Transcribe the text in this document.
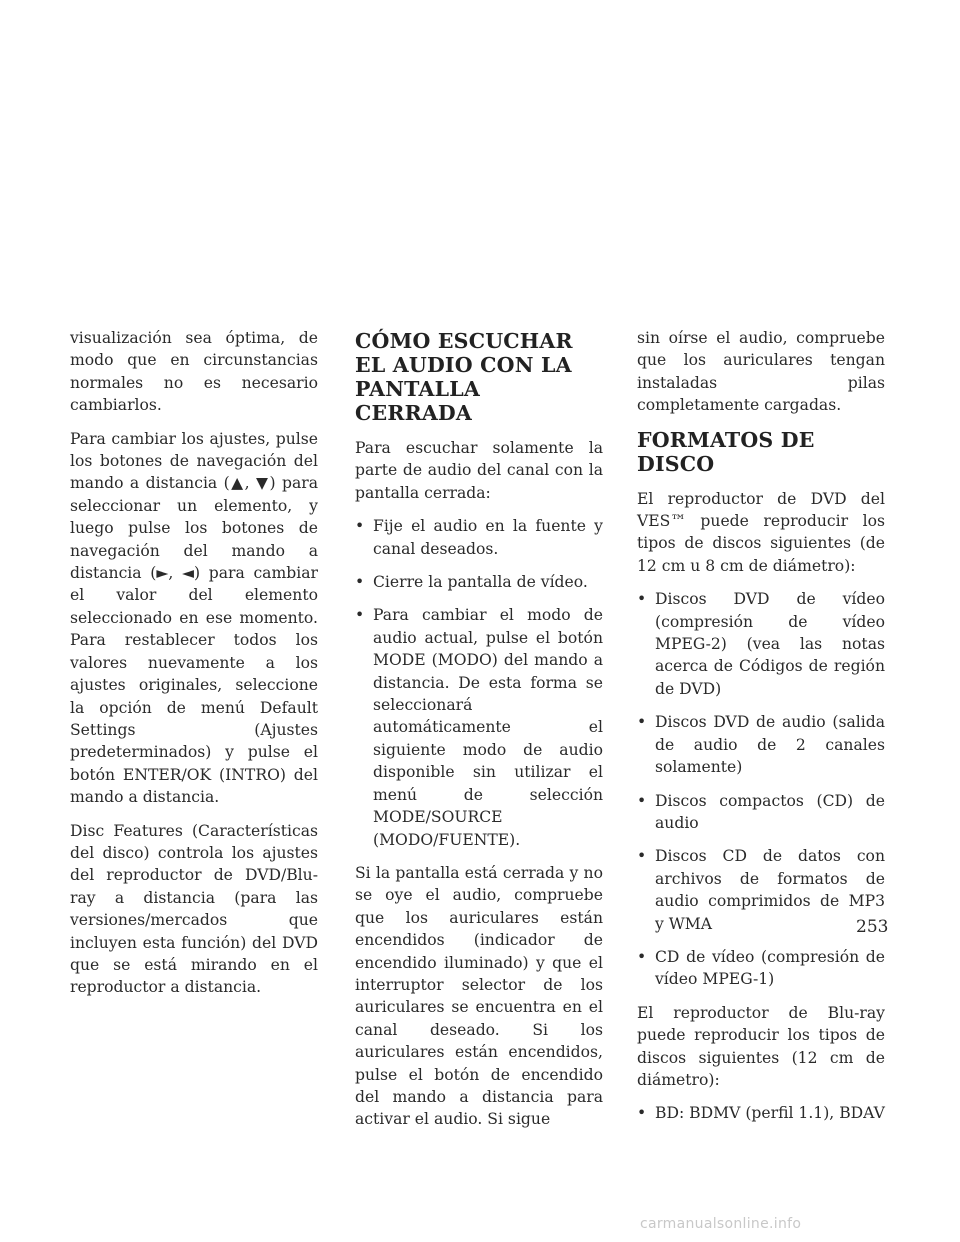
visualización sea óptima, de modo que en circunstancias normales no es necesario cambiarlos.

Para cambiar los ajustes, pulse los botones de navegación del mando a distancia (▲, ▼) para seleccionar un elemento, y luego pulse los botones de navegación del mando a distancia (►, ◄) para cambiar el valor del elemento seleccionado en ese momento. Para restablecer todos los valores nuevamente a los ajustes originales, seleccione la opción de menú Default Settings (Ajustes predeterminados) y pulse el botón ENTER/OK (INTRO) del mando a distancia.

Disc Features (Características del disco) controla los ajustes del reproductor de DVD/Blu-ray a distancia (para las versiones/mercados que incluyen esta función) del DVD que se está mirando en el reproductor a distancia.

CÓMO ESCUCHAR EL AUDIO CON LA PANTALLA CERRADA

Para escuchar solamente la parte de audio del canal con la pantalla cerrada:

• Fije el audio en la fuente y canal deseados.
• Cierre la pantalla de vídeo.
• Para cambiar el modo de audio actual, pulse el botón MODE (MODO) del mando a distancia. De esta forma se seleccionará automáticamente el siguiente modo de audio disponible sin utilizar el menú de selección MODE/SOURCE (MODO/FUENTE).

Si la pantalla está cerrada y no se oye el audio, compruebe que los auriculares están encendidos (indicador de encendido iluminado) y que el interruptor selector de los auriculares se encuentra en el canal deseado. Si los auriculares están encendidos, pulse el botón de encendido del mando a distancia para activar el audio. Si sigue

sin oírse el audio, compruebe que los auriculares tengan instaladas pilas completamente cargadas.

FORMATOS DE DISCO

El reproductor de DVD del VES™ puede reproducir los tipos de discos siguientes (de 12 cm u 8 cm de diámetro):

• Discos DVD de vídeo (compresión de vídeo MPEG-2) (vea las notas acerca de Códigos de región de DVD)
• Discos DVD de audio (salida de audio de 2 canales solamente)
• Discos compactos (CD) de audio
• Discos CD de datos con archivos de formatos de audio comprimidos de MP3 y WMA
• CD de vídeo (compresión de vídeo MPEG-1)

El reproductor de Blu-ray puede reproducir los tipos de discos siguientes (12 cm de diámetro):

• BD: BDMV (perfil 1.1), BDAV
253
carmanualsonline.info
